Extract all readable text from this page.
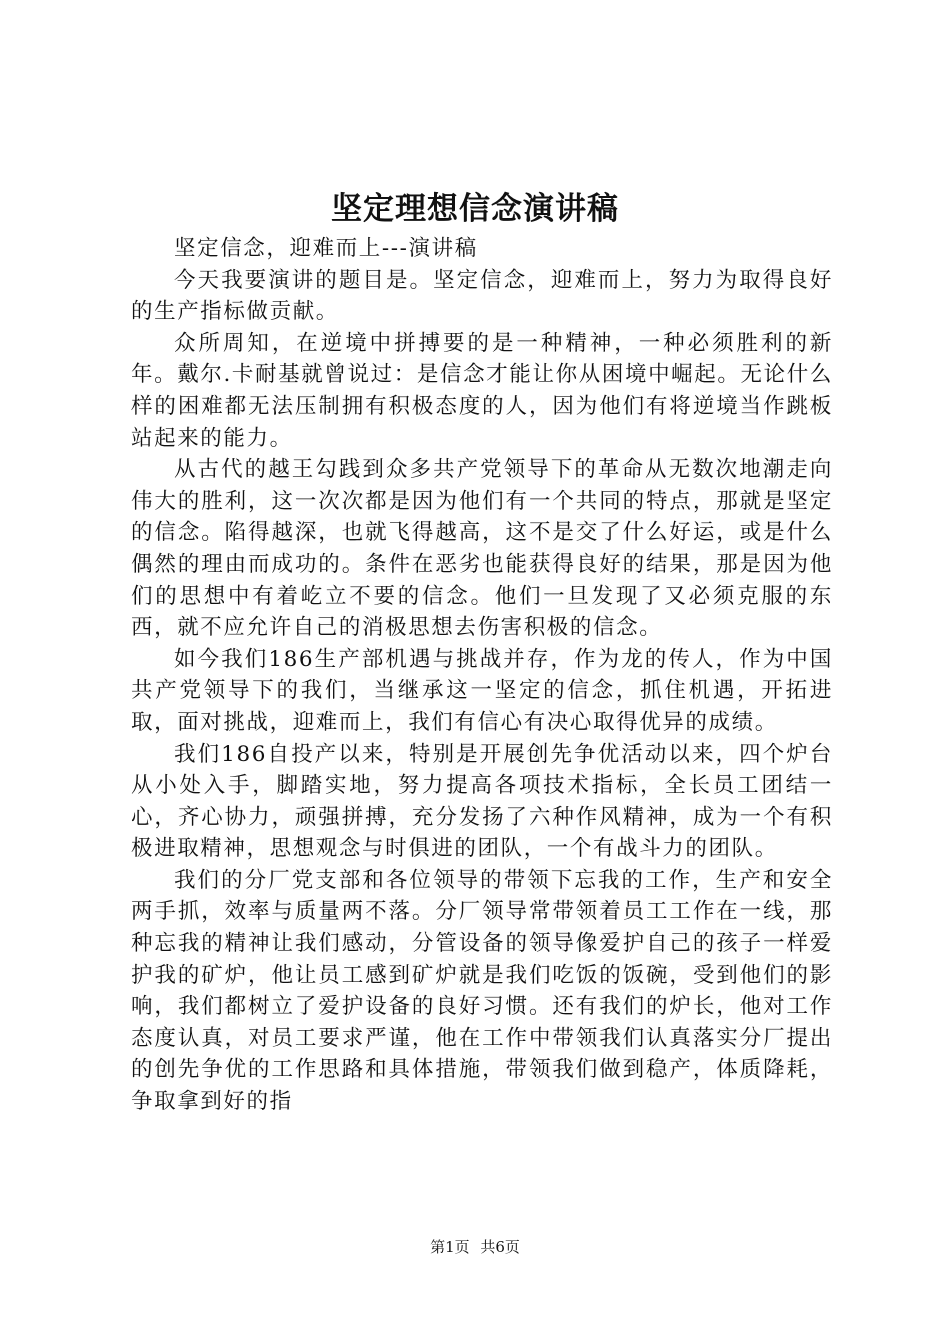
坚定理想信念演讲稿

坚定信念，迎难而上---演讲稿

今天我要演讲的题目是。坚定信念，迎难而上，努力为取得良好的生产指标做贡献。

众所周知，在逆境中拼搏要的是一种精神，一种必须胜利的新年。戴尔.卡耐基就曾说过：是信念才能让你从困境中崛起。无论什么样的困难都无法压制拥有积极态度的人，因为他们有将逆境当作跳板站起来的能力。

从古代的越王勾践到众多共产党领导下的革命从无数次地潮走向伟大的胜利，这一次次都是因为他们有一个共同的特点，那就是坚定的信念。陷得越深，也就飞得越高，这不是交了什么好运，或是什么偶然的理由而成功的。条件在恶劣也能获得良好的结果，那是因为他们的思想中有着屹立不要的信念。他们一旦发现了又必须克服的东西，就不应允许自己的消极思想去伤害积极的信念。

如今我们186生产部机遇与挑战并存，作为龙的传人，作为中国共产党领导下的我们，当继承这一坚定的信念，抓住机遇，开拓进取，面对挑战，迎难而上，我们有信心有决心取得优异的成绩。

我们186自投产以来，特别是开展创先争优活动以来，四个炉台从小处入手，脚踏实地，努力提高各项技术指标，全长员工团结一心，齐心协力，顽强拼搏，充分发扬了六种作风精神，成为一个有积极进取精神，思想观念与时俱进的团队，一个有战斗力的团队。

我们的分厂党支部和各位领导的带领下忘我的工作，生产和安全两手抓，效率与质量两不落。分厂领导常带领着员工工作在一线，那种忘我的精神让我们感动，分管设备的领导像爱护自己的孩子一样爱护我的矿炉，他让员工感到矿炉就是我们吃饭的饭碗，受到他们的影响，我们都树立了爱护设备的良好习惯。还有我们的炉长，他对工作态度认真，对员工要求严谨，他在工作中带领我们认真落实分厂提出的创先争优的工作思路和具体措施，带领我们做到稳产，体质降耗，争取拿到好的指

第1页 共6页
